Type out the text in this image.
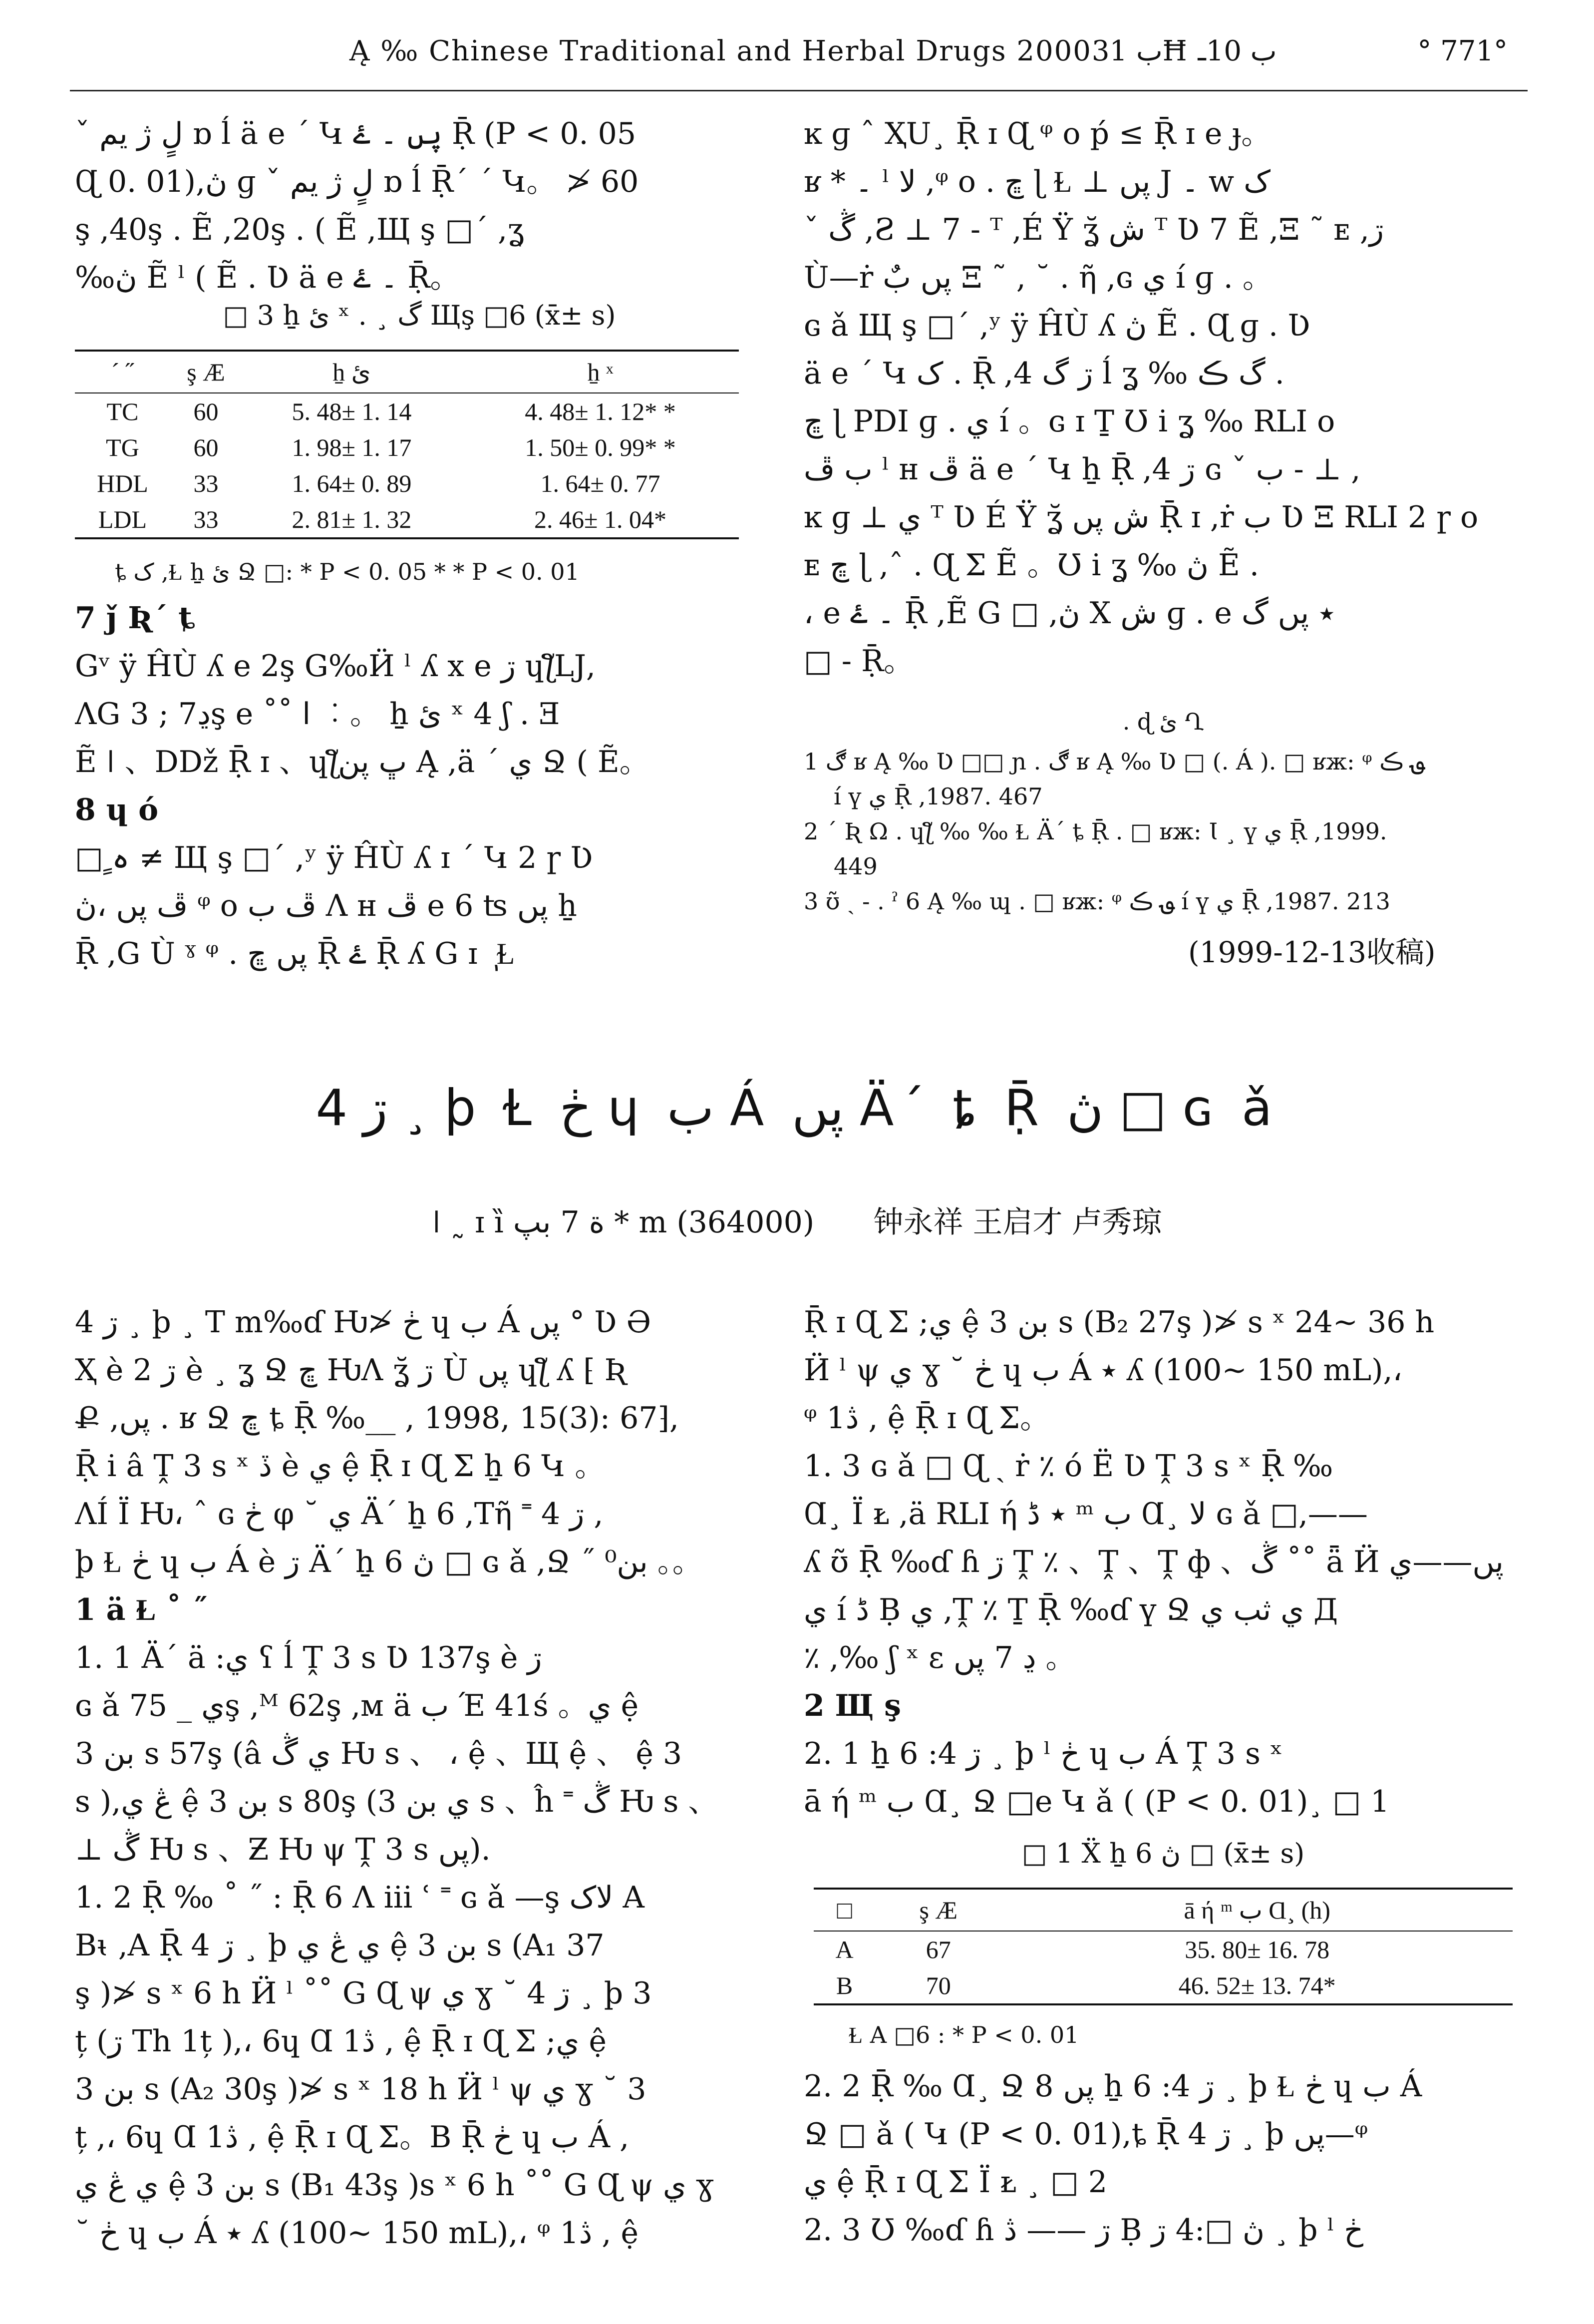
Ą ‰ Chinese Traditional and Herbal Drugs 2000ب 31Ħ ب 10ـ	° 771°

ˇ لٍ ژ یم ɒ ĺ ä e ´ Կ پں ۔ ۓ Ṝ (P < 0. 05

Ɋ 0. 01),ڽ ɡ ˇ لٍ ژ یم ɒ ĺ Ṝ´ ´ Կ。 ≯ 60

ş ,40ş . Ẽ ,20ş . ( Ẽ ,Щ ş □´ ,ʓ

‰ڽ Ẽ ˡ ( Ẽ . Ʋ ä e ۔ ۓ Ṝ。

□ 3 ẖ ئ ˣ . ¸ گ Щş □6 (x̄± s)
´ ˝	ş Æ	ẖ ئ	ẖ ˣ
TC	60	5. 48± 1. 14	4. 48± 1. 12* *
TG	60	1. 98± 1. 17	1. 50± 0. 99* *
HDL	33	1. 64± 0. 89	1. 64± 0. 77
LDL	33	2. 81± 1. 32	2. 46± 1. 04*
ȶ ک ,Ɫ ẖ ئ Ջ □: * P < 0. 05 * * P < 0. 01

7 ǰ Ʀ´ ȶ

Gᵛ ÿ ĤÙ ʎ e 2ş G‰Ӥ ˡ ʎ x e ڗ ɥƪǇ,

ɅG ڍ7 ; 3ş e ˚˚ ‌ا ︰。 ẖ ئ ˣ 4 ʃ . Ǝ

Ẽ ǀ 、Dǅ Ṝ ɪ 、ɥƪڀ پن Ą ,ä ´ ي Ջ ( Ẽ。

8 ɥ ó

□ ٍہ ≠ Щ ş □´ ,ʸ ÿ ĤÙ ʎ ɪ ´ Կ 2 ɼ Ʋ

ڦ پں ،ڽ ᵠ o ڦ ب Ʌ ʜ ڦ e 6 ʦ پں ẖ

Ṝ ,G Ù ˠ ᵠ . پں ڇ Ṝ ۓ Ṝ ʎ G ɪ ٖ Ɫ

ĸ ɡ ˆ ҲU¸ Ṝ ɪ Ɋ ᵠ o ṕ ≤ Ṝ ɪ e ɟ。

ʁ * ۔ ˡ لا ,ᵠ o . ڇ ɭ Ɫ ⊥ پں J ۔ w ک

ˇ ڴ ,Ƨ ⊥ 7 - ᵀ ,É Ÿ ʓ̆ ش ᵀ Ʋ 7 Ẽ ,Ξ ˜ ᴇ ,ڗ

Ù—ṙ پں بٌ Ξ ˜ , ˘ . ῆ ,ɢ ي í ɡ . 。

ɢ ǎ Щ ş □´ ,ʸ ÿ ĤÙ ʎ ڽ Ẽ . Ɋ ɡ . Ʋ

ä e ´ Կ ک . Ṝ ,4 ڗ گ ĺ ʓ ‰ گ ڪ .

ڇ ɭ PDI ɡ . ي í 。ɢ ɪ Ṯ Ʊ i ʓ ‰ RLI o

ب ڦ ˡ ʜ ڦ ä e ´ Կ ẖ Ṝ ,4 ڗ ɢ ˇ ب - ⊥ ,

ĸ ɡ ⊥ ي ᵀ Ʋ É Ÿ ʓ̆ ش پں Ṝ ɪ ,ṙ ب Ʋ Ξ RLI 2 ɼ o

ᴇ ڇ ɭ ,ˆ . Ɋ Σ Ẽ 。Ʊ i ʓ ‰ ڽ Ẽ .

، e ۔ ۓ Ṝ ,Ẽ G □ ,ڽ X ش ɡ . e ٭ پں گ

□ - Ṝ。

. ɖ ئ Ղ
1 ڰ ʁ Ą ‰ Ʋ □□ ɲ . ڰ ʁ Ą ‰ Ʋ □ (. Á ). □ ʁж: ᵠ ؈ ڪ
í ү ي Ṝ ,1987. 467
2 ´ Ʀ Ω . ɥƪ ‰ ‰ Ɫ Ä´ ȶ Ṝ . □ ʁж: Ɩ ¸ ү ي Ṝ ,1999.
449
3 ʊ̃ ˏ - . ˀ 6 Ą ‰ ɰ . □ ʁж: ᵠ ؈ ڪ í ү ي Ṝ ,1987. 213
(1999-12-13收稿)
4 ڗ ¸ þ Ɫ ڂ ɥ ب Á پں Ä´ ȶ Ṝ ڽ □ ɢ ǎ
ǀ ˷ ɪ ȉ ة 7 بپ * m (364000) 钟永祥 王启才 卢秀琼

4 ڗ ¸ þ ¸ T m‰ɗ Ƕ≯ ڂ ɥ ب Á پں ° Ʋ Ә

Ҳ è ڗ 2 è ¸ ʓ Ջ ڇ ǶɅ ʓ̆ ڗ Ù پں ɥƪ ʎ ⁅ Ʀ

Ք ,پں . ʁ Ջ ڇ ȶ Ṝ ‰__ , 1998, 15(3): 67⁆,

Ṝ i â Ṱ 3 s ˣ ڏ è ي ệ Ṝ ɪ Ɋ Σ ẖ 6 Կ 。

ɅÍ Ï Ƕ، ˆ ɢ ڂ φ ˘ ي Ä´ ẖ 6 ,Tῆ ˭ 4 ڗ ,

þ Ɫ ڂ ɥ ب Á è ڗ Ä´ ẖ 6 ڽ □ ɢ ǎ ,Ջ ˝ بن⁰ 。。

1 ä Ɫ ˚ ˝

1. 1 Ä´ ä :ي ʕ ĺ Ṱ 3 s Ʋ 137ş è ڗ

ɢ ǎ ي _ 75ş ,ᴹ 62ş ,ᴍ ä ب Έ 41ś 。ي ệ

بن 3 s 57ş (â ي ڴ Ƕ s 、 ، ệ 、Щ ệ 、 ệ 3

s ),ڠ ي ệ بن 3 s 80ş (ي بن 3 s 、ĥ ˭ ڴ Ƕ s 、

⊥ ڴ Ƕ s 、Ƶ Ƕ ψ Ṱ 3 s پں).

1. 2 Ṝ ‰ ˚ ˝ : Ṝ 6 Ʌ iii ʿ ˭ ɢ ǎ —ş لاک A

Bᵼ ,A Ṝ 4 ڗ ¸ þ ي ڠ ي ệ بن 3 s (A₁ 37

ş )≯ s ˣ 6 h Ӥ ˡ ˚˚ G Ɋ ψ ي ɣ ˘ 4 ڗ ¸ þ 3

ț (ڗ Th 1ț ),، 6ɥ Ɑ 1ڎ , ệ Ṝ ɪ Ɋ Σ ;ي ệ

بن 3 s (A₂ 30ş )≯ s ˣ 18 h Ӥ ˡ ψ ي ɣ ˘ 3

ț ,، 6ɥ Ɑ 1ڎ , ệ Ṝ ɪ Ɋ Σ。B Ṝ ڂ ɥ ب Á ,

ي ڠ ي ệ بن 3 s (B₁ 43ş )s ˣ 6 h ˚˚ G Ɋ ψ ي ɣ

˘ ڂ ɥ ب Á ٭ ʎ (100~ 150 mL),، ᵠ 1ڎ , ệ

Ṝ ɪ Ɋ Σ ;ي ệ بن 3 s (B₂ 27ş )≯ s ˣ 24~ 36 h

Ӥ ˡ ψ ي ɣ ˘ ڂ ɥ ب Á ٭ ʎ (100~ 150 mL),،

ᵠ 1ڎ , ệ Ṝ ɪ Ɋ Σ。

1. 3 ɢ ǎ □ Ɋ ˏ ṙ ٪ ó Ë Ʋ Ṱ 3 s ˣ Ṝ ‰

Ɑ¸ Ï ᴌ ,ä RLI ή ٭ ڈ ᵐ ب Ɑ¸ لا ɢ ǎ □,——

ʎ ʊ̃ Ṝ ‰ɗ ɦ ڗ Ṱ ٪ 、Ṱ 、Ṱ ф 、ڴ ˚˚ ǟ Ӥ پں——ي

ي í ڈ Ḅ ي ,Ṱ ٪ Ṯ Ṝ ‰ɗ ү Ջ ي ثب ي Д

٪ ,‰ ʃ ˣ ε ڍ 7 پں 。

2 Щ ş

2. 1 ẖ 6 :4 ڗ ¸ þ ˡ ڂ ɥ ب Á Ṱ 3 s ˣ

ā ή ᵐ ب Ɑ¸ Ջ □e Կ ǎ ( (P < 0. 01)¸ □ 1

□ 1 Ẍ ẖ 6 ڽ □ (x̄± s)
□	ş Æ	ā ή ᵐ ب Ɑ¸ (h)
A	67	35. 80± 16. 78
B	70	46. 52± 13. 74*
Ɫ A □6 : * P < 0. 01

2. 2 Ṝ ‰ Ɑ¸ Ջ 8 پں ẖ 6 :4 ڗ ¸ þ Ɫ ڂ ɥ ب Á

Ջ □ ǎ ( Կ (P < 0. 01),ȶ Ṝ 4 ڗ ¸ þ پں—ᵠ

ي ệ Ṝ ɪ Ɋ Σ Ï ᴌ ¸ □ 2

2. 3 Ʊ ‰ɗ ɦ ڗ —— ڎ Ḅ ڽ □:4 ڗ ¸ þ ˡ ڂ
